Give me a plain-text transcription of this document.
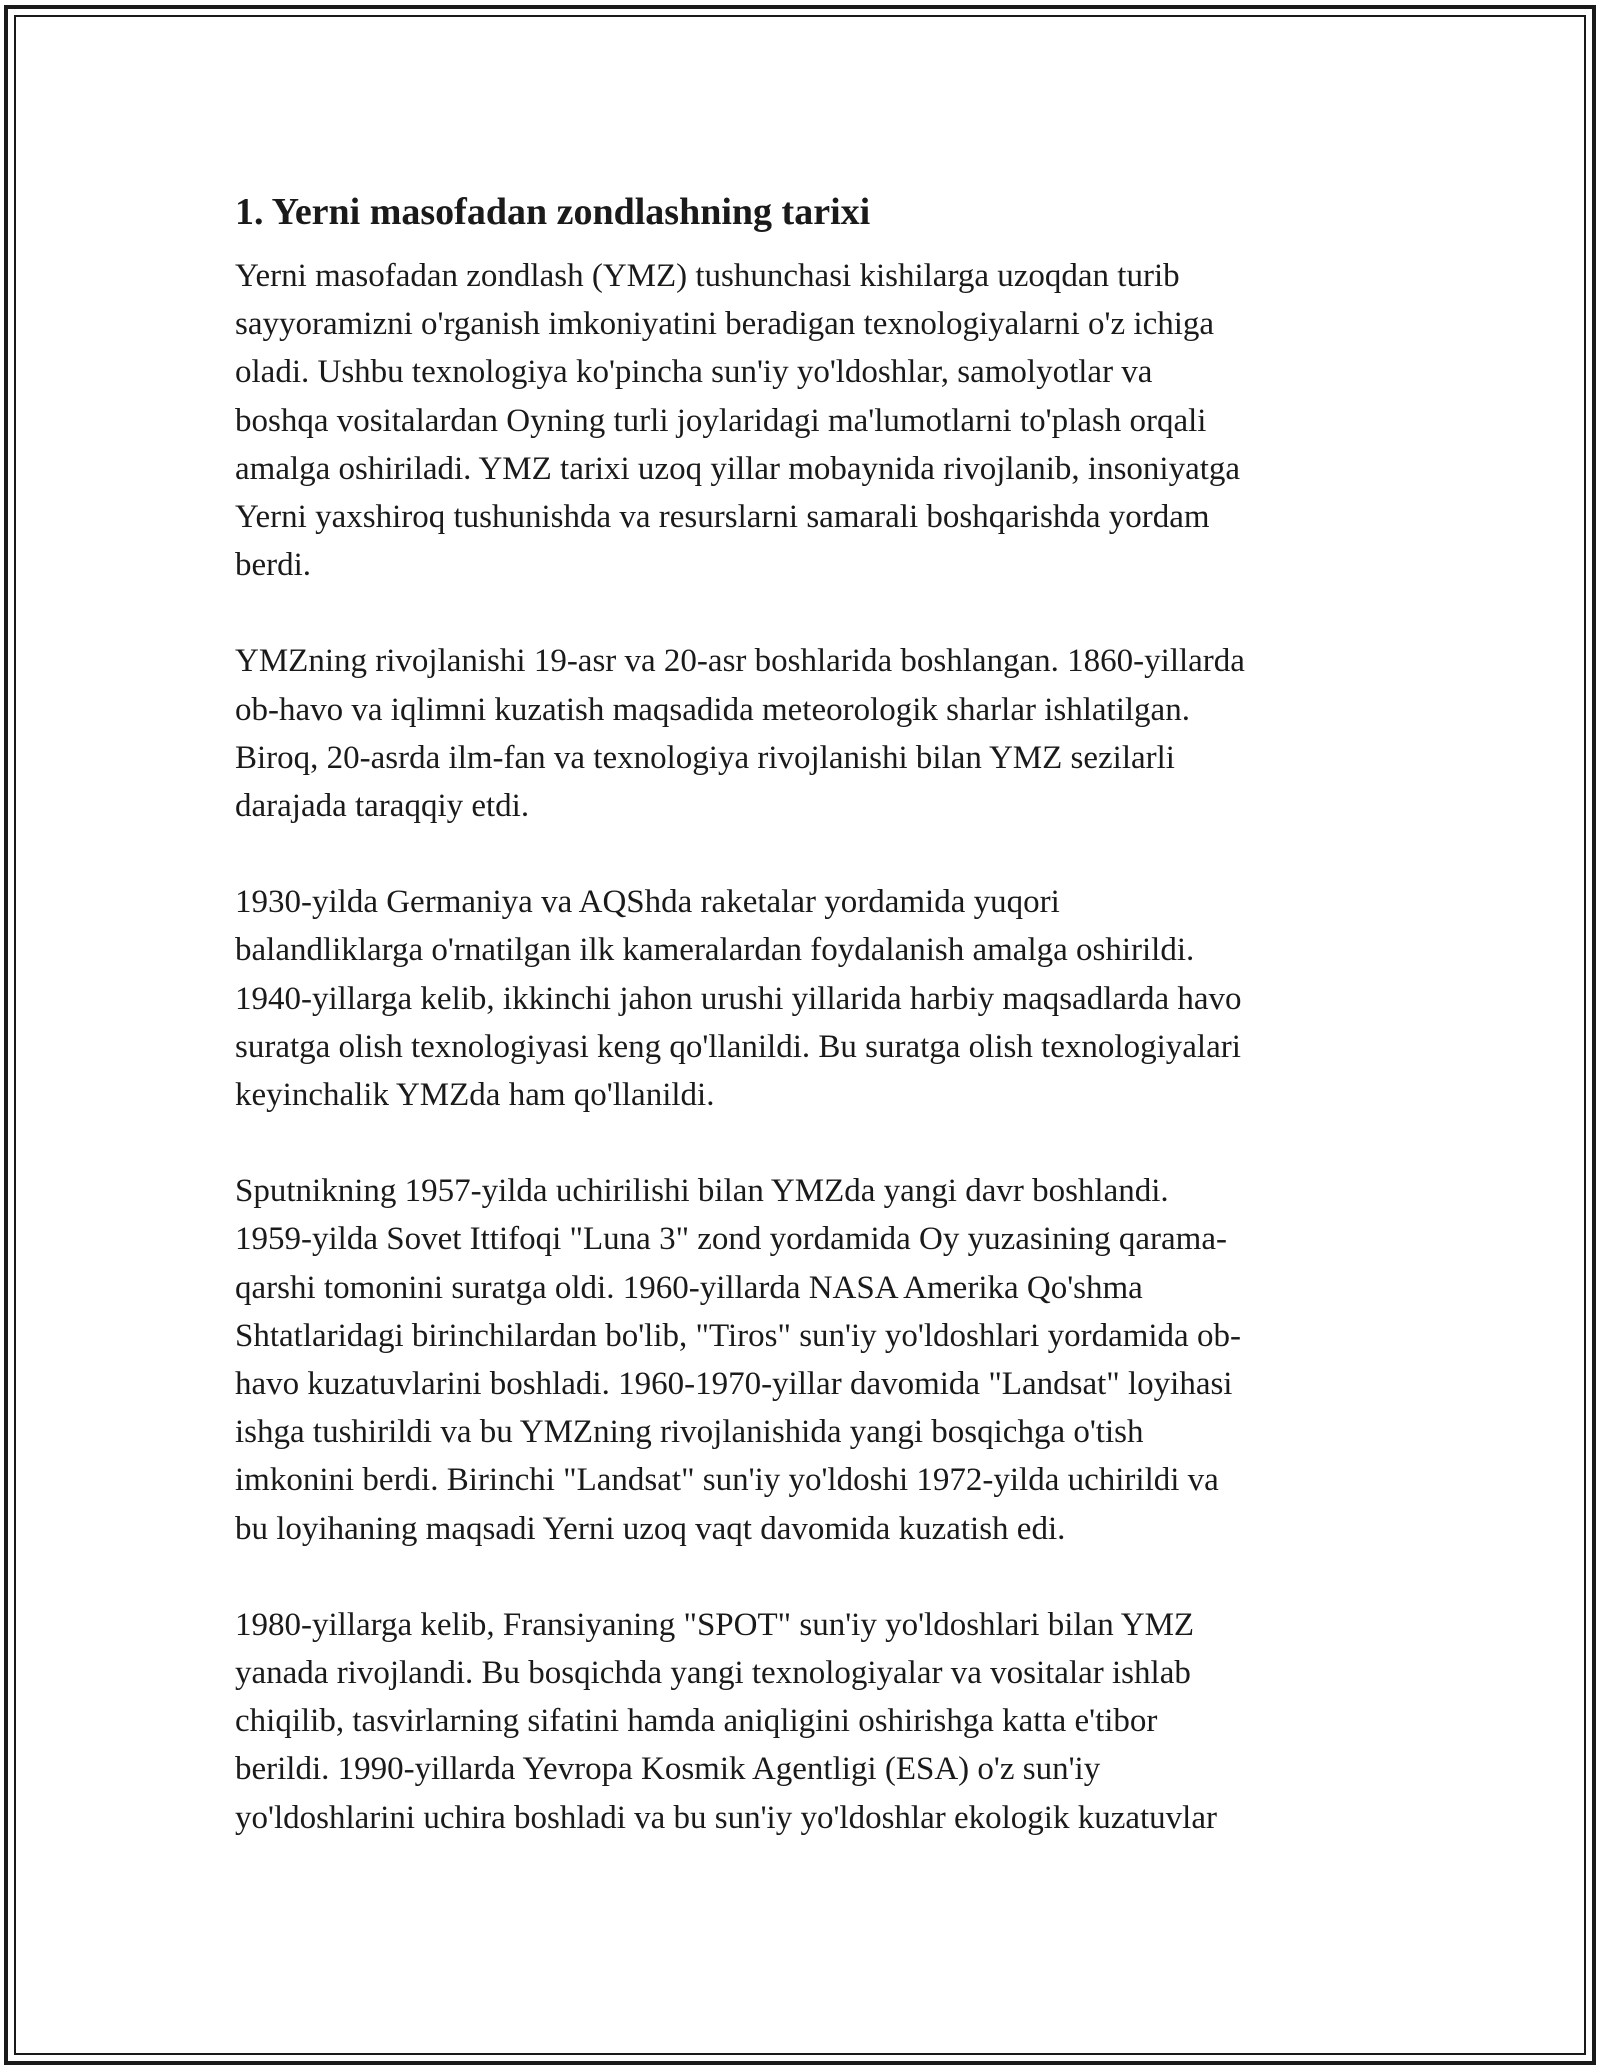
1. Yerni masofadan zondlashning tarixi

Yerni masofadan zondlash (YMZ) tushunchasi kishilarga uzoqdan turib
sayyoramizni o'rganish imkoniyatini beradigan texnologiyalarni o'z ichiga
oladi. Ushbu texnologiya ko'pincha sun'iy yo'ldoshlar, samolyotlar va
boshqa vositalardan Oyning turli joylaridagi ma'lumotlarni to'plash orqali
amalga oshiriladi. YMZ tarixi uzoq yillar mobaynida rivojlanib, insoniyatga
Yerni yaxshiroq tushunishda va resurslarni samarali boshqarishda yordam
berdi.

YMZning rivojlanishi 19-asr va 20-asr boshlarida boshlangan. 1860-yillarda
ob-havo va iqlimni kuzatish maqsadida meteorologik sharlar ishlatilgan.
Biroq, 20-asrda ilm-fan va texnologiya rivojlanishi bilan YMZ sezilarli
darajada taraqqiy etdi.

1930-yilda Germaniya va AQShda raketalar yordamida yuqori
balandliklarga o'rnatilgan ilk kameralardan foydalanish amalga oshirildi.
1940-yillarga kelib, ikkinchi jahon urushi yillarida harbiy maqsadlarda havo
suratga olish texnologiyasi keng qo'llanildi. Bu suratga olish texnologiyalari
keyinchalik YMZda ham qo'llanildi.

Sputnikning 1957-yilda uchirilishi bilan YMZda yangi davr boshlandi.
1959-yilda Sovet Ittifoqi "Luna 3" zond yordamida Oy yuzasining qarama-
qarshi tomonini suratga oldi. 1960-yillarda NASA Amerika Qo'shma
Shtatlaridagi birinchilardan bo'lib, "Tiros" sun'iy yo'ldoshlari yordamida ob-
havo kuzatuvlarini boshladi. 1960-1970-yillar davomida "Landsat" loyihasi
ishga tushirildi va bu YMZning rivojlanishida yangi bosqichga o'tish
imkonini berdi. Birinchi "Landsat" sun'iy yo'ldoshi 1972-yilda uchirildi va
bu loyihaning maqsadi Yerni uzoq vaqt davomida kuzatish edi.

1980-yillarga kelib, Fransiyaning "SPOT" sun'iy yo'ldoshlari bilan YMZ
yanada rivojlandi. Bu bosqichda yangi texnologiyalar va vositalar ishlab
chiqilib, tasvirlarning sifatini hamda aniqligini oshirishga katta e'tibor
berildi. 1990-yillarda Yevropa Kosmik Agentligi (ESA) o'z sun'iy
yo'ldoshlarini uchira boshladi va bu sun'iy yo'ldoshlar ekologik kuzatuvlar
